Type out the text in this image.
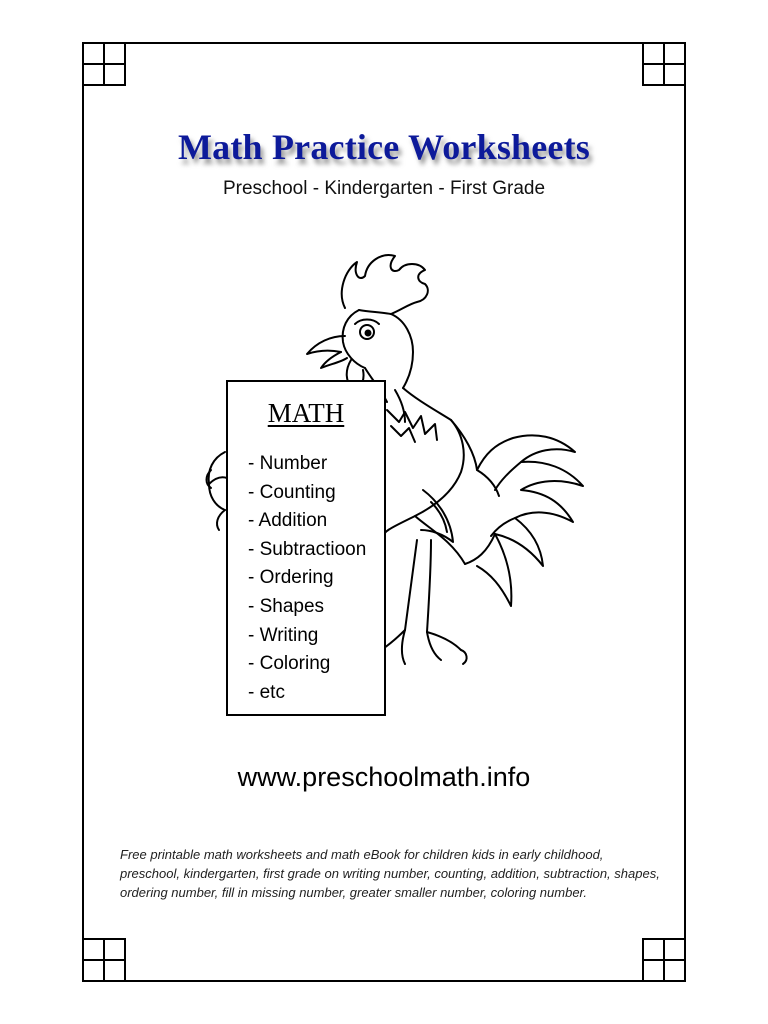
Math Practice Worksheets
Preschool - Kindergarten - First Grade
MATH
- Number
- Counting
- Addition
- Subtractioon
- Ordering
- Shapes
- Writing
- Coloring
- etc
www.preschoolmath.info
Free printable math worksheets and math eBook for children kids in early childhood, preschool, kindergarten, first grade on writing number, counting, addition, subtraction, shapes, ordering number, fill in missing number, greater smaller number, coloring number.
